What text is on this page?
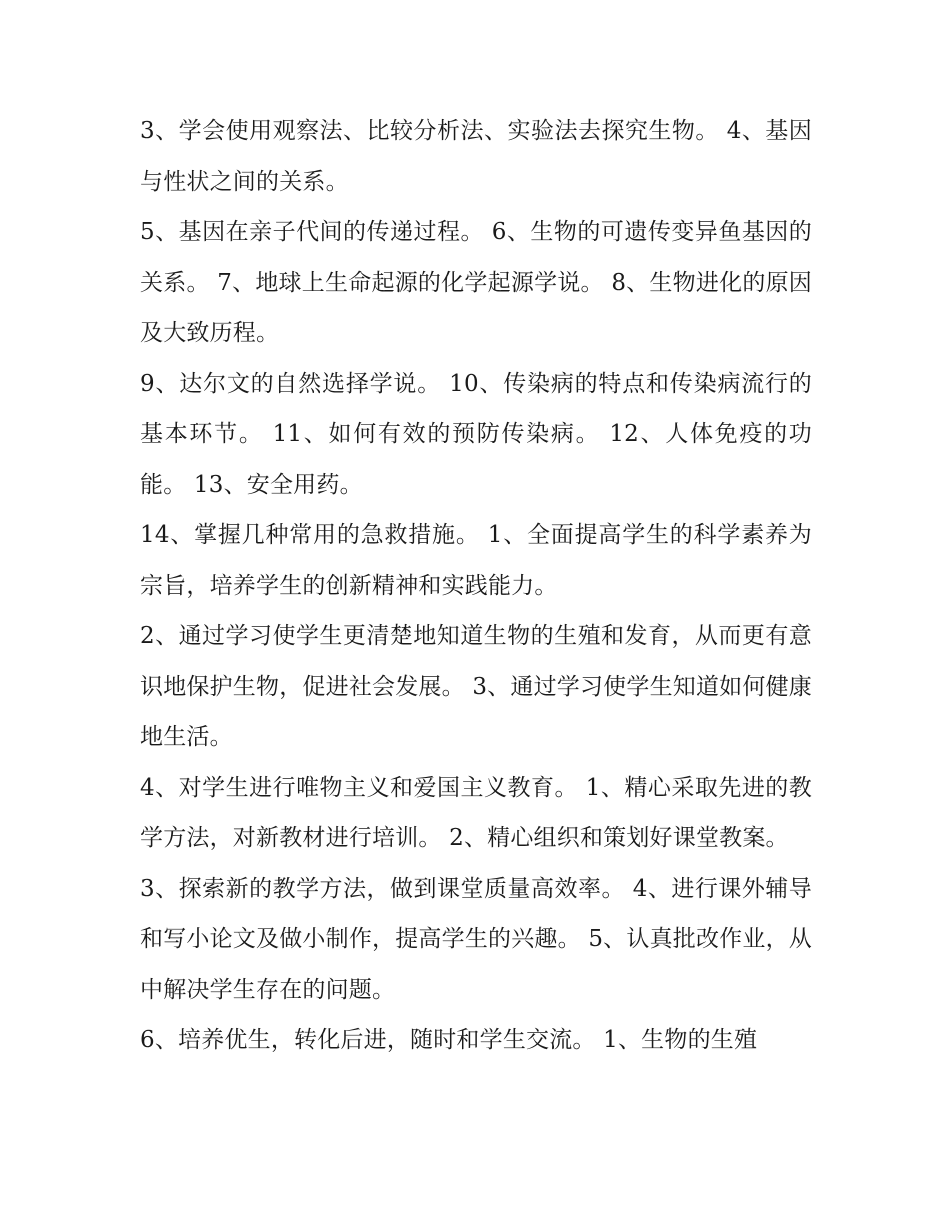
3、学会使用观察法、比较分析法、实验法去探究生物。 4、基因与性状之间的关系。

5、基因在亲子代间的传递过程。 6、生物的可遗传变异鱼基因的关系。 7、地球上生命起源的化学起源学说。 8、生物进化的原因及大致历程。

9、达尔文的自然选择学说。 10、传染病的特点和传染病流行的基本环节。 11、如何有效的预防传染病。 12、人体免疫的功能。 13、安全用药。

14、掌握几种常用的急救措施。 1、全面提高学生的科学素养为宗旨，培养学生的创新精神和实践能力。

2、通过学习使学生更清楚地知道生物的生殖和发育，从而更有意识地保护生物，促进社会发展。 3、通过学习使学生知道如何健康地生活。

4、对学生进行唯物主义和爱国主义教育。 1、精心采取先进的教学方法，对新教材进行培训。 2、精心组织和策划好课堂教案。

3、探索新的教学方法，做到课堂质量高效率。 4、进行课外辅导和写小论文及做小制作，提高学生的兴趣。 5、认真批改作业，从中解决学生存在的问题。

6、培养优生，转化后进，随时和学生交流。 1、生物的生殖
